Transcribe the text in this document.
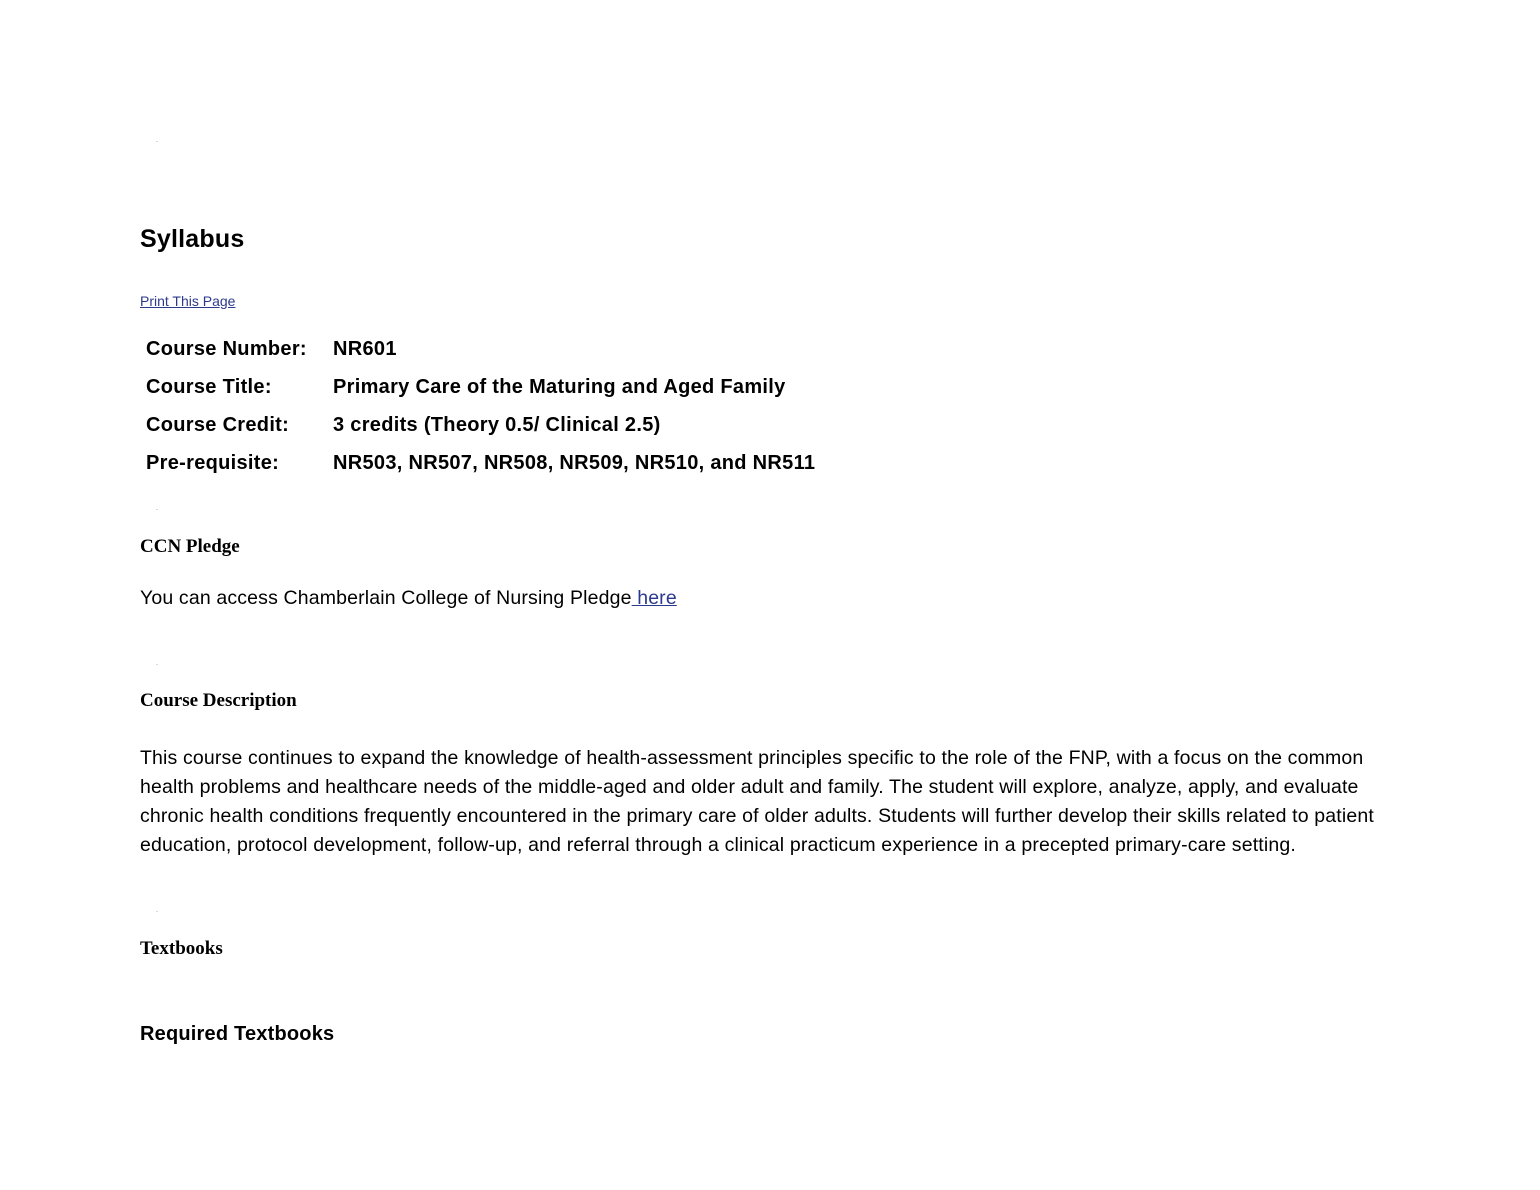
Syllabus
Print This Page
Course Number:	NR601
Course Title:	Primary Care of the Maturing and Aged Family
Course Credit:	3 credits (Theory 0.5/ Clinical 2.5)
Pre-requisite:	NR503, NR507, NR508, NR509, NR510, and NR511
CCN Pledge

You can access Chamberlain College of Nursing Pledge here

Course Description

This course continues to expand the knowledge of health-assessment principles specific to the role of the FNP, with a focus on the common health problems and healthcare needs of the middle-aged and older adult and family. The student will explore, analyze, apply, and evaluate chronic health conditions frequently encountered in the primary care of older adults. Students will further develop their skills related to patient education, protocol development, follow-up, and referral through a clinical practicum experience in a precepted primary-care setting.

Textbooks
Required Textbooks
